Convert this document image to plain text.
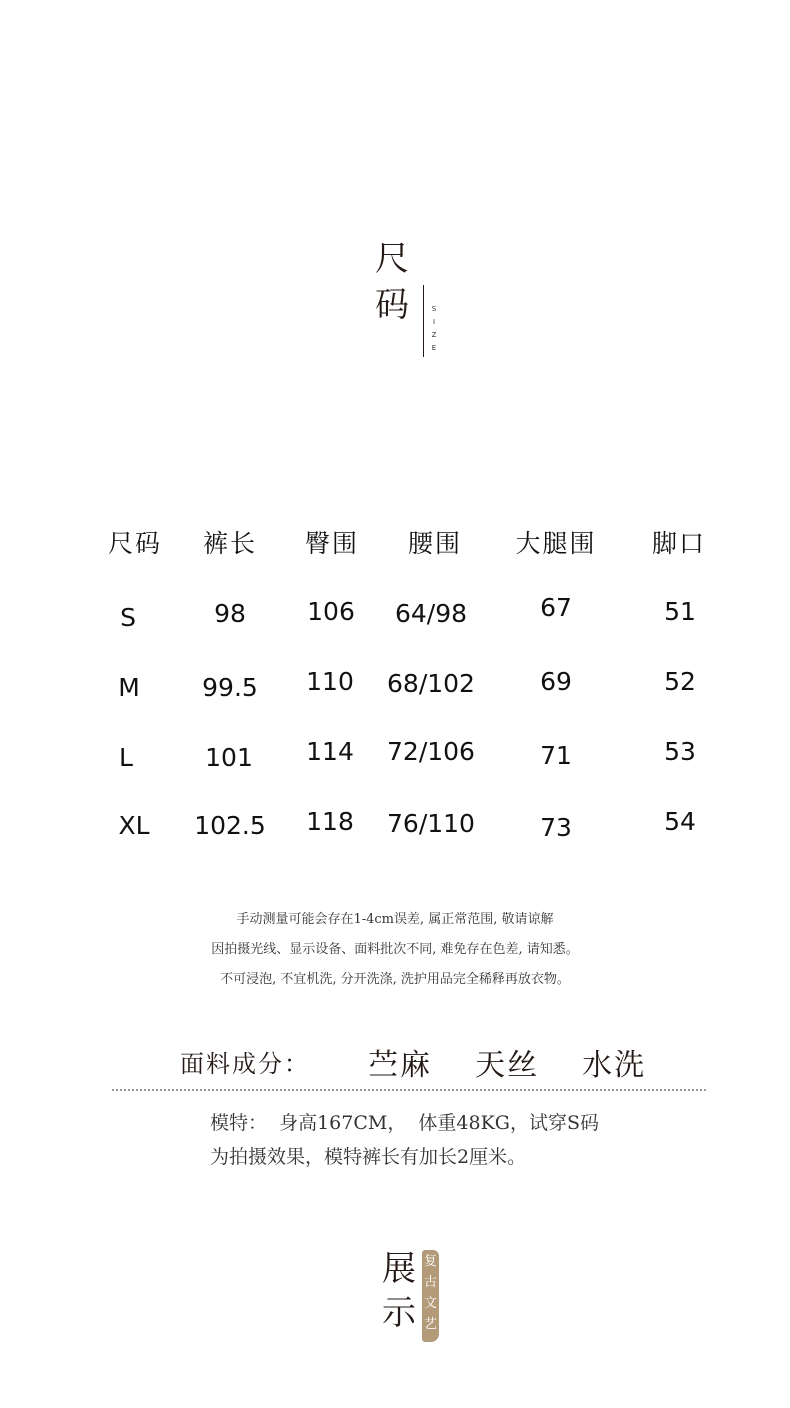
尺
码	S
I
Z
E
尺码	裤长	臀围	腰围	大腿围	脚口
S	98	106	64/98	67	51
M	99.5	110	68/102	69	52
L	101	114	72/106	71	53
XL	102.5	118	76/110	73	54
手动测量可能会存在1-4cm误差, 属正常范围, 敬请谅解
因拍摄光线、显示设备、面料批次不同, 难免存在色差, 请知悉。
不可浸泡, 不宜机洗, 分开洗涤, 洗护用品完全稀释再放衣物。
面料成分： 苎麻  天丝  水洗
模特：  身高167CM，  体重48KG，试穿S码
为拍摄效果，模特裤长有加长2厘米。
展
示
复
古
文
艺
